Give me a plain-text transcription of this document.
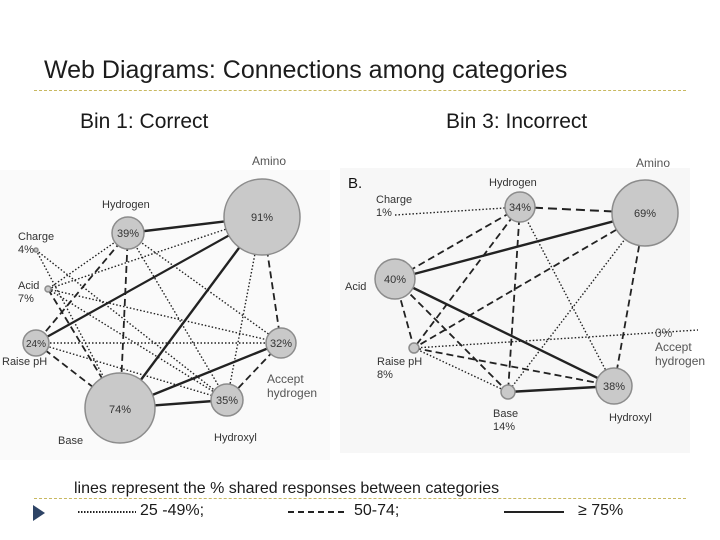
Web Diagrams: Connections among categories
Bin 1: Correct	Bin 3: Incorrect
91%
39%
Hydrogen
24%
Raise pH
32%
74%
Base
35%
Hydroxyl
B.
69%
34%
Hydrogen
40%
Acid
38%
Hydroxyl
Charge 4%
Acid 7%
Charge 1%
Raise pH 8%
Base 14%
Amino	Amino
Accept
hydrogen
0%
Accept
hydrogen
lines represent the % shared responses between categories
25 -49%;	50-74;	≥ 75%
